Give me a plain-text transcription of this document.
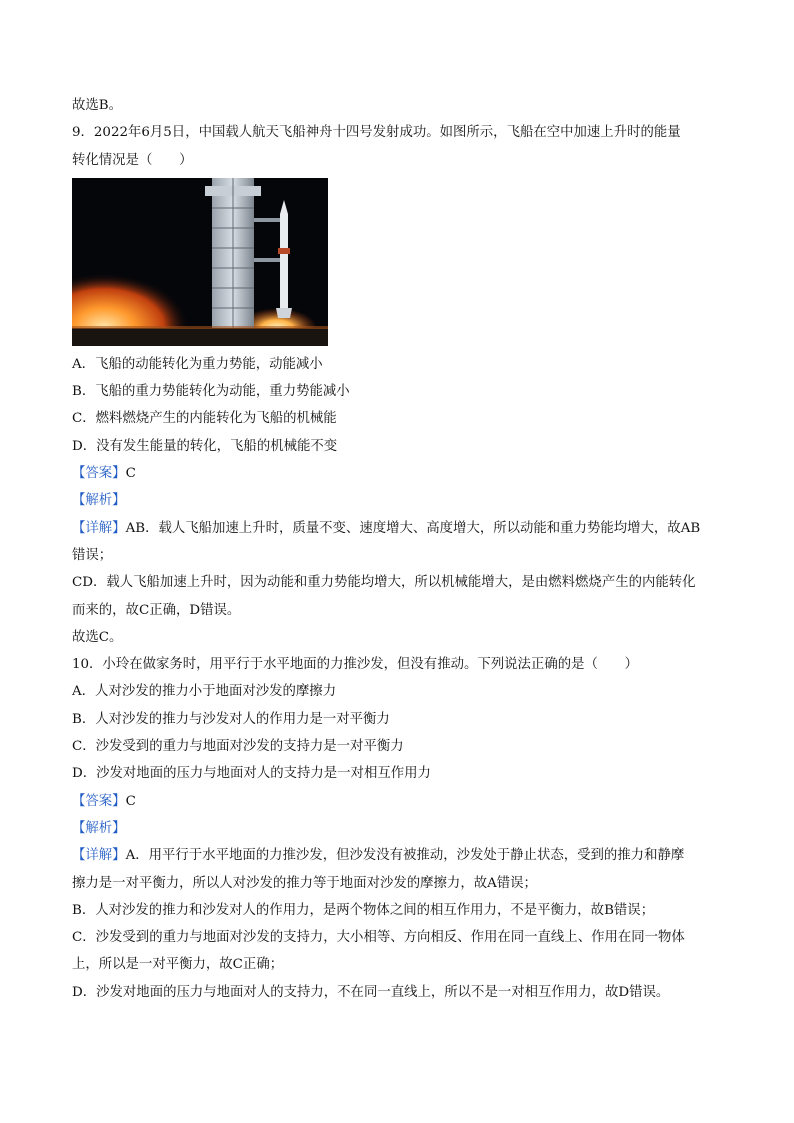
故选B。
9．2022年6月5日，中国载人航天飞船神舟十四号发射成功。如图所示，飞船在空中加速上升时的能量
转化情况是（　　）
A．飞船的动能转化为重力势能，动能减小
B．飞船的重力势能转化为动能，重力势能减小
C．燃料燃烧产生的内能转化为飞船的机械能
D．没有发生能量的转化，飞船的机械能不变
【答案】C
【解析】
【详解】AB．载人飞船加速上升时，质量不变、速度增大、高度增大，所以动能和重力势能均增大，故AB
错误；
CD．载人飞船加速上升时，因为动能和重力势能均增大，所以机械能增大，是由燃料燃烧产生的内能转化
而来的，故C正确，D错误。
故选C。
10．小玲在做家务时，用平行于水平地面的力推沙发，但没有推动。下列说法正确的是（　　）
A．人对沙发的推力小于地面对沙发的摩擦力
B．人对沙发的推力与沙发对人的作用力是一对平衡力
C．沙发受到的重力与地面对沙发的支持力是一对平衡力
D．沙发对地面的压力与地面对人的支持力是一对相互作用力
【答案】C
【解析】
【详解】A．用平行于水平地面的力推沙发，但沙发没有被推动，沙发处于静止状态，受到的推力和静摩
擦力是一对平衡力，所以人对沙发的推力等于地面对沙发的摩擦力，故A错误；
B．人对沙发的推力和沙发对人的作用力，是两个物体之间的相互作用力，不是平衡力，故B错误；
C．沙发受到的重力与地面对沙发的支持力，大小相等、方向相反、作用在同一直线上、作用在同一物体
上，所以是一对平衡力，故C正确；
D．沙发对地面的压力与地面对人的支持力，不在同一直线上，所以不是一对相互作用力，故D错误。
